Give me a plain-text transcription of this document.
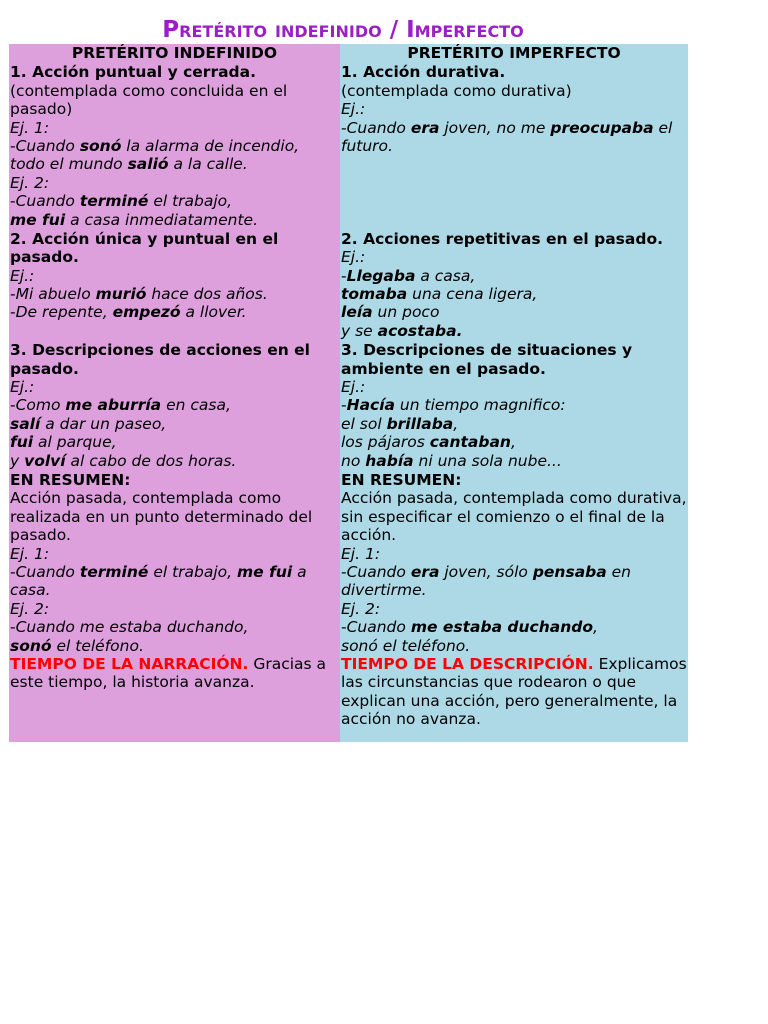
Pretérito indefinido / Imperfecto
PRETÉRITO INDEFINIDO	PRETÉRITO IMPERFECTO
1. Acción puntual y cerrada.
(contemplada como concluida en el
pasado)
Ej. 1:
-Cuando sonó la alarma de incendio,
todo el mundo salió a la calle.
Ej. 2:
-Cuando terminé el trabajo,
me fui a casa inmediatamente.
1. Acción durativa.
(contemplada como durativa)
Ej.:
-Cuando era joven, no me preocupaba el
futuro.
2. Acción única y puntual en el
pasado.
Ej.:
-Mi abuelo murió hace dos años.
-De repente, empezó a llover.
2. Acciones repetitivas en el pasado.
Ej.:
-Llegaba a casa,
tomaba una cena ligera,
leía un poco
y se acostaba.
3. Descripciones de acciones en el
pasado.
Ej.:
-Como me aburría en casa,
salí a dar un paseo,
fui al parque,
y volví al cabo de dos horas.
3. Descripciones de situaciones y
ambiente en el pasado.
Ej.:
-Hacía un tiempo magnifico:
el sol brillaba,
los pájaros cantaban,
no había ni una sola nube...
EN RESUMEN:
Acción pasada, contemplada como
realizada en un punto determinado del
pasado.
Ej. 1:
-Cuando terminé el trabajo, me fui a
casa.
Ej. 2:
-Cuando me estaba duchando,
sonó el teléfono.
TIEMPO DE LA NARRACIÓN. Gracias a
este tiempo, la historia avanza.
EN RESUMEN:
Acción pasada, contemplada como durativa,
sin especificar el comienzo o el final de la
acción.
Ej. 1:
-Cuando era joven, sólo pensaba en
divertirme.
Ej. 2:
-Cuando me estaba duchando,
sonó el teléfono.
TIEMPO DE LA DESCRIPCIÓN. Explicamos
las circunstancias que rodearon o que
explican una acción, pero generalmente, la
acción no avanza.
